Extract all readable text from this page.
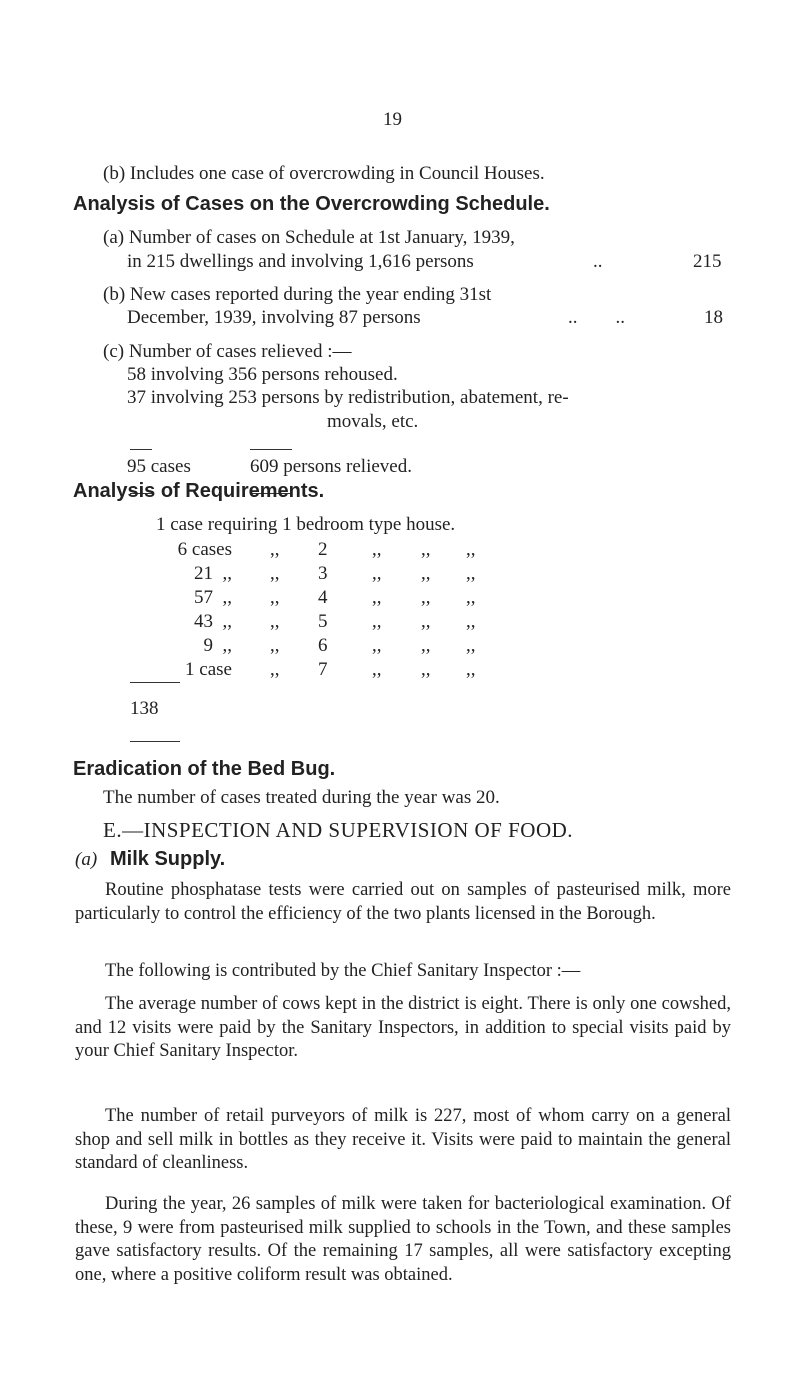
19
(b) Includes one case of overcrowding in Council Houses.
Analysis of Cases on the Overcrowding Schedule.
(a) Number of cases on Schedule at 1st January, 1939,
in 215 dwellings and involving 1,616 persons	..	215
(b) New cases reported during the year ending 31st
December, 1939, involving 87 persons	..        ..	18
(c) Number of cases relieved :—
58 involving 356 persons rehoused.
37 involving 253 persons by redistribution, abatement, re-
movals, etc.
95 cases	609 persons relieved.
Analysis of Requirements.
1 case requiring 1 bedroom type house.
6 cases ,, 2 ,, ,, ,,
21  ,, ,, 3 ,, ,, ,,
57  ,, ,, 4 ,, ,, ,,
43  ,, ,, 5 ,, ,, ,,
9  ,, ,, 6 ,, ,, ,,
1 case ,, 7 ,, ,, ,,
138
Eradication of the Bed Bug.
The number of cases treated during the year was 20.
E.—INSPECTION AND SUPERVISION OF FOOD.
(a) Milk Supply.
Routine phosphatase tests were carried out on samples of pasteurised milk, more particularly to control the efficiency of the two plants licensed in the Borough.
The following is contributed by the Chief Sanitary Inspector :—
The average number of cows kept in the district is eight. There is only one cowshed, and 12 visits were paid by the Sanitary Inspectors, in addition to special visits paid by your Chief Sanitary Inspector.
The number of retail purveyors of milk is 227, most of whom carry on a general shop and sell milk in bottles as they receive it. Visits were paid to maintain the general standard of cleanliness.
During the year, 26 samples of milk were taken for bacteriological examination. Of these, 9 were from pasteurised milk supplied to schools in the Town, and these samples gave satisfactory results. Of the remaining 17 samples, all were satisfactory excepting one, where a positive coliform result was obtained.
